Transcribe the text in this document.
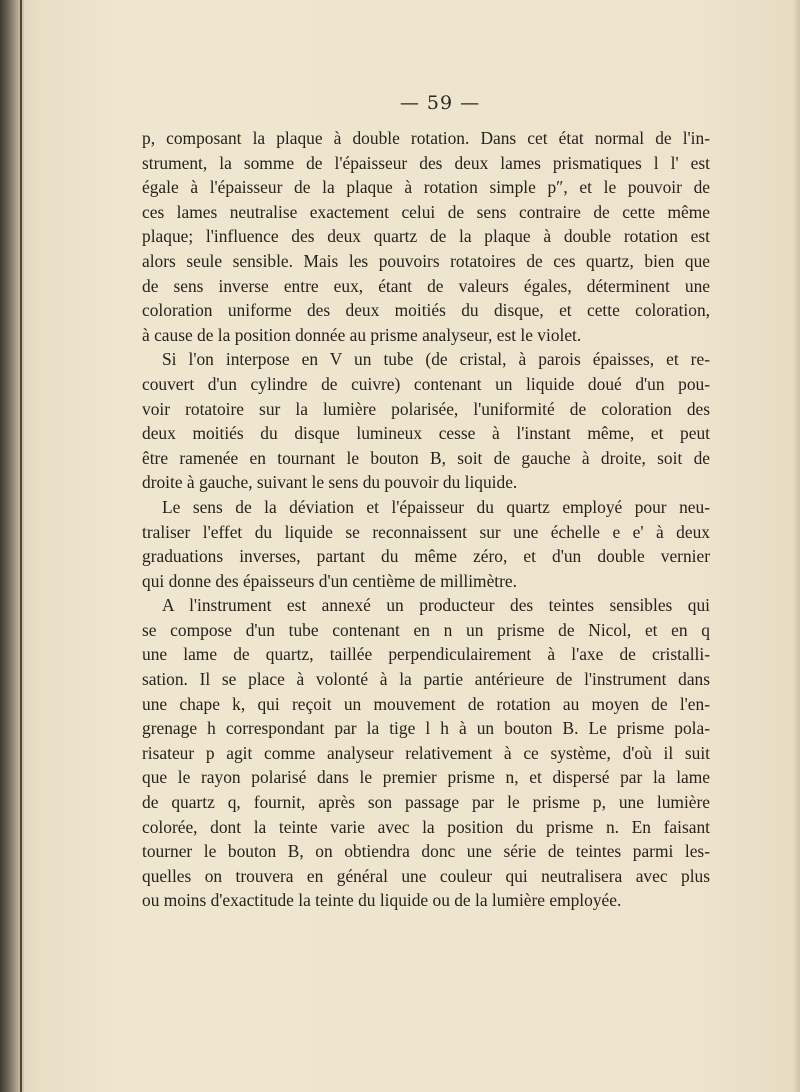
— 59 —

p, composant la plaque à double rotation. Dans cet état normal de l'in-
strument, la somme de l'épaisseur des deux lames prismatiques l l' est
égale à l'épaisseur de la plaque à rotation simple p″, et le pouvoir de
ces lames neutralise exactement celui de sens contraire de cette même
plaque; l'influence des deux quartz de la plaque à double rotation est
alors seule sensible. Mais les pouvoirs rotatoires de ces quartz, bien que
de sens inverse entre eux, étant de valeurs égales, déterminent une
coloration uniforme des deux moitiés du disque, et cette coloration,
à cause de la position donnée au prisme analyseur, est le violet.

Si l'on interpose en V un tube (de cristal, à parois épaisses, et re-
couvert d'un cylindre de cuivre) contenant un liquide doué d'un pou-
voir rotatoire sur la lumière polarisée, l'uniformité de coloration des
deux moitiés du disque lumineux cesse à l'instant même, et peut
être ramenée en tournant le bouton B, soit de gauche à droite, soit de
droite à gauche, suivant le sens du pouvoir du liquide.

Le sens de la déviation et l'épaisseur du quartz employé pour neu-
traliser l'effet du liquide se reconnaissent sur une échelle e e' à deux
graduations inverses, partant du même zéro, et d'un double vernier
qui donne des épaisseurs d'un centième de millimètre.

A l'instrument est annexé un producteur des teintes sensibles qui
se compose d'un tube contenant en n un prisme de Nicol, et en q
une lame de quartz, taillée perpendiculairement à l'axe de cristalli-
sation. Il se place à volonté à la partie antérieure de l'instrument dans
une chape k, qui reçoit un mouvement de rotation au moyen de l'en-
grenage h correspondant par la tige l h à un bouton B. Le prisme pola-
risateur p agit comme analyseur relativement à ce système, d'où il suit
que le rayon polarisé dans le premier prisme n, et dispersé par la lame
de quartz q, fournit, après son passage par le prisme p, une lumière
colorée, dont la teinte varie avec la position du prisme n. En faisant
tourner le bouton B, on obtiendra donc une série de teintes parmi les-
quelles on trouvera en général une couleur qui neutralisera avec plus
ou moins d'exactitude la teinte du liquide ou de la lumière employée.
